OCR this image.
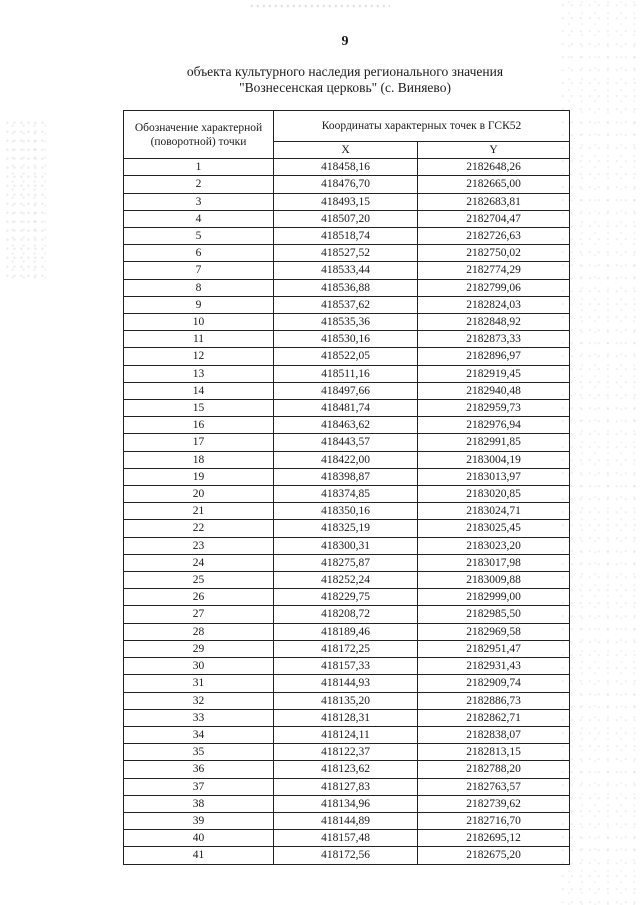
9
объекта культурного наследия регионального значения
"Вознесенская церковь" (с. Виняево)
Обозначение характерной (поворотной) точки	Координаты характерных точек в ГСК52	
	X	Y
1	418458,16	2182648,26
2	418476,70	2182665,00
3	418493,15	2182683,81
4	418507,20	2182704,47
5	418518,74	2182726,63
6	418527,52	2182750,02
7	418533,44	2182774,29
8	418536,88	2182799,06
9	418537,62	2182824,03
10	418535,36	2182848,92
11	418530,16	2182873,33
12	418522,05	2182896,97
13	418511,16	2182919,45
14	418497,66	2182940,48
15	418481,74	2182959,73
16	418463,62	2182976,94
17	418443,57	2182991,85
18	418422,00	2183004,19
19	418398,87	2183013,97
20	418374,85	2183020,85
21	418350,16	2183024,71
22	418325,19	2183025,45
23	418300,31	2183023,20
24	418275,87	2183017,98
25	418252,24	2183009,88
26	418229,75	2182999,00
27	418208,72	2182985,50
28	418189,46	2182969,58
29	418172,25	2182951,47
30	418157,33	2182931,43
31	418144,93	2182909,74
32	418135,20	2182886,73
33	418128,31	2182862,71
34	418124,11	2182838,07
35	418122,37	2182813,15
36	418123,62	2182788,20
37	418127,83	2182763,57
38	418134,96	2182739,62
39	418144,89	2182716,70
40	418157,48	2182695,12
41	418172,56	2182675,20
